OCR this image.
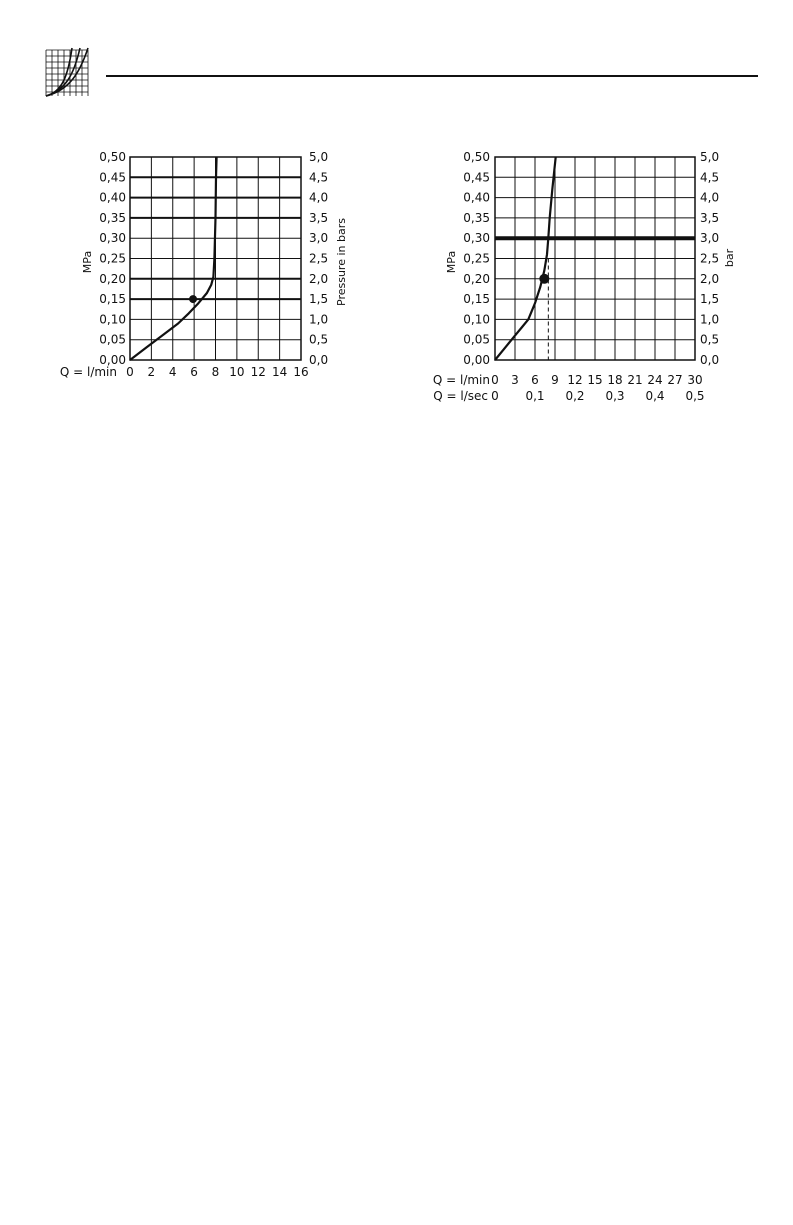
0,00
0,05
0,10
0,15
0,20
0,25
0,30
0,35
0,40
0,45
0,50
0,0
0,5
1,0
1,5
2,0
2,5
3,0
3,5
4,0
4,5
5,0
MPa	Pressure in bars
Q = l/min 0 2 4 6 8 10 12 14 16
0,00
0,05
0,10
0,15
0,20
0,25
0,30
0,35
0,40
0,45
0,50
0,0
0,5
1,0
1,5
2,0
2,5
3,0
3,5
4,0
4,5
5,0
MPa	bar
Q = l/min 0 3 6 9 12 15 18 21 24 27 30
Q = l/sec 0 0,1 0,2 0,3 0,4 0,5
